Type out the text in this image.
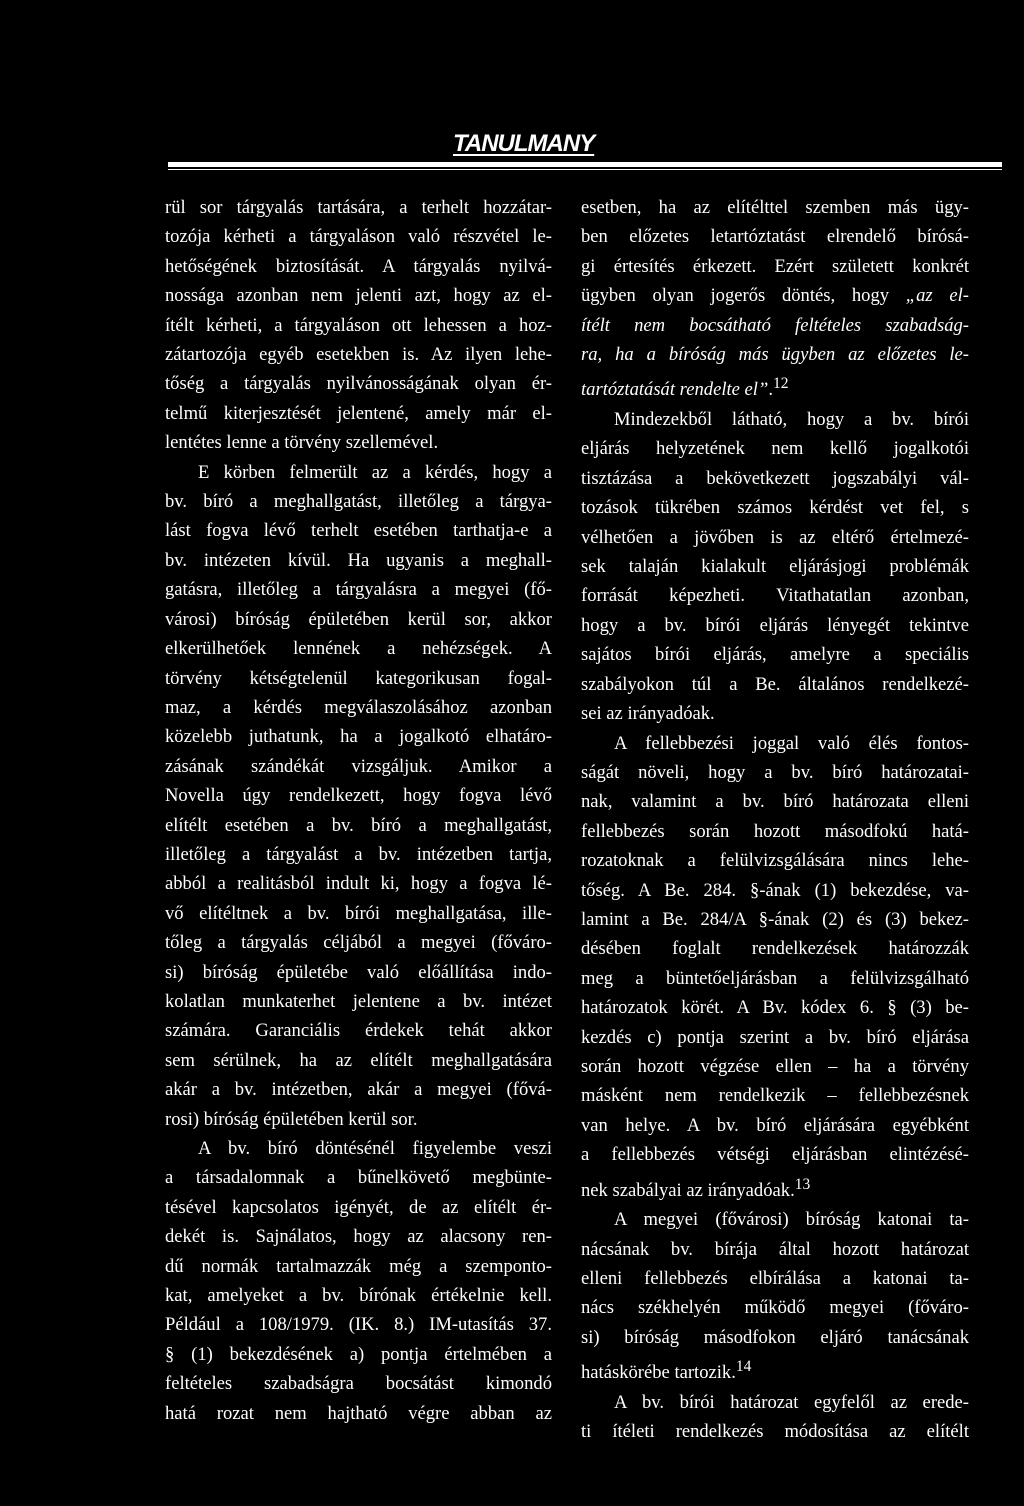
TANULMANY
rül sor tárgyalás tartására, a terhelt hozzátar-
tozója kérheti a tárgyaláson való részvétel le-
hetőségének biztosítását. A tárgyalás nyilvá-
nossága azonban nem jelenti azt, hogy az el-
ítélt kérheti, a tárgyaláson ott lehessen a hoz-
zátartozója egyéb esetekben is. Az ilyen lehe-
tőség a tárgyalás nyilvánosságának olyan ér-
telmű kiterjesztését jelentené, amely már el-
lentétes lenne a törvény szellemével.
E körben felmerült az a kérdés, hogy a
bv. bíró a meghallgatást, illetőleg a tárgya-
lást fogva lévő terhelt esetében tarthatja-e a
bv. intézeten kívül. Ha ugyanis a meghall-
gatásra, illetőleg a tárgyalásra a megyei (fő-
városi) bíróság épületében kerül sor, akkor
elkerülhetőek lennének a nehézségek. A
törvény kétségtelenül kategorikusan fogal-
maz, a kérdés megválaszolásához azonban
közelebb juthatunk, ha a jogalkotó elhatáro-
zásának szándékát vizsgáljuk. Amikor a
Novella úgy rendelkezett, hogy fogva lévő
elítélt esetében a bv. bíró a meghallgatást,
illetőleg a tárgyalást a bv. intézetben tartja,
abból a realitásból indult ki, hogy a fogva lé-
vő elítéltnek a bv. bírói meghallgatása, ille-
tőleg a tárgyalás céljából a megyei (főváro-
si) bíróság épületébe való előállítása indo-
kolatlan munkaterhet jelentene a bv. intézet
számára. Garanciális érdekek tehát akkor
sem sérülnek, ha az elítélt meghallgatására
akár a bv. intézetben, akár a megyei (fővá-
rosi) bíróság épületében kerül sor.
A bv. bíró döntésénél figyelembe veszi
a társadalomnak a bűnelkövető megbünte-
tésével kapcsolatos igényét, de az elítélt ér-
dekét is. Sajnálatos, hogy az alacsony ren-
dű normák tartalmazzák még a szemponto-
kat, amelyeket a bv. bírónak értékelnie kell.
Például a 108/1979. (IK. 8.) IM-utasítás 37.
§ (1) bekezdésének a) pontja értelmében a
feltételes szabadságra bocsátást kimondó
hatá rozat nem hajtható végre abban az
esetben, ha az elítélttel szemben más ügy-
ben előzetes letartóztatást elrendelő bírósá-
gi értesítés érkezett. Ezért született konkrét
ügyben olyan jogerős döntés, hogy „az el-
ítélt nem bocsátható feltételes szabadság-
ra, ha a bíróság más ügyben az előzetes le-
tartóztatását rendelte el”.$^{12}$
Mindezekből látható, hogy a bv. bírói
eljárás helyzetének nem kellő jogalkotói
tisztázása a bekövetkezett jogszabályi vál-
tozások tükrében számos kérdést vet fel, s
vélhetően a jövőben is az eltérő értelmezé-
sek talaján kialakult eljárásjogi problémák
forrását képezheti. Vitathatatlan azonban,
hogy a bv. bírói eljárás lényegét tekintve
sajátos bírói eljárás, amelyre a speciális
szabályokon túl a Be. általános rendelkezé-
sei az irányadóak.
A fellebbezési joggal való élés fontos-
ságát növeli, hogy a bv. bíró határozatai-
nak, valamint a bv. bíró határozata elleni
fellebbezés során hozott másodfokú hatá-
rozatoknak a felülvizsgálására nincs lehe-
tőség. A Be. 284. §-ának (1) bekezdése, va-
lamint a Be. 284/A §-ának (2) és (3) bekez-
désében foglalt rendelkezések határozzák
meg a büntetőeljárásban a felülvizsgálható
határozatok körét. A Bv. kódex 6. § (3) be-
kezdés c) pontja szerint a bv. bíró eljárása
során hozott végzése ellen – ha a törvény
másként nem rendelkezik – fellebbezésnek
van helye. A bv. bíró eljárására egyébként
a fellebbezés vétségi eljárásban elintézésé-
nek szabályai az irányadóak.$^{13}$
A megyei (fővárosi) bíróság katonai ta-
nácsának bv. bírája által hozott határozat
elleni fellebbezés elbírálása a katonai ta-
nács székhelyén működő megyei (főváro-
si) bíróság másodfokon eljáró tanácsának
hatáskörébe tartozik.$^{14}$
A bv. bírói határozat egyfelől az erede-
ti ítéleti rendelkezés módosítása az elítélt
